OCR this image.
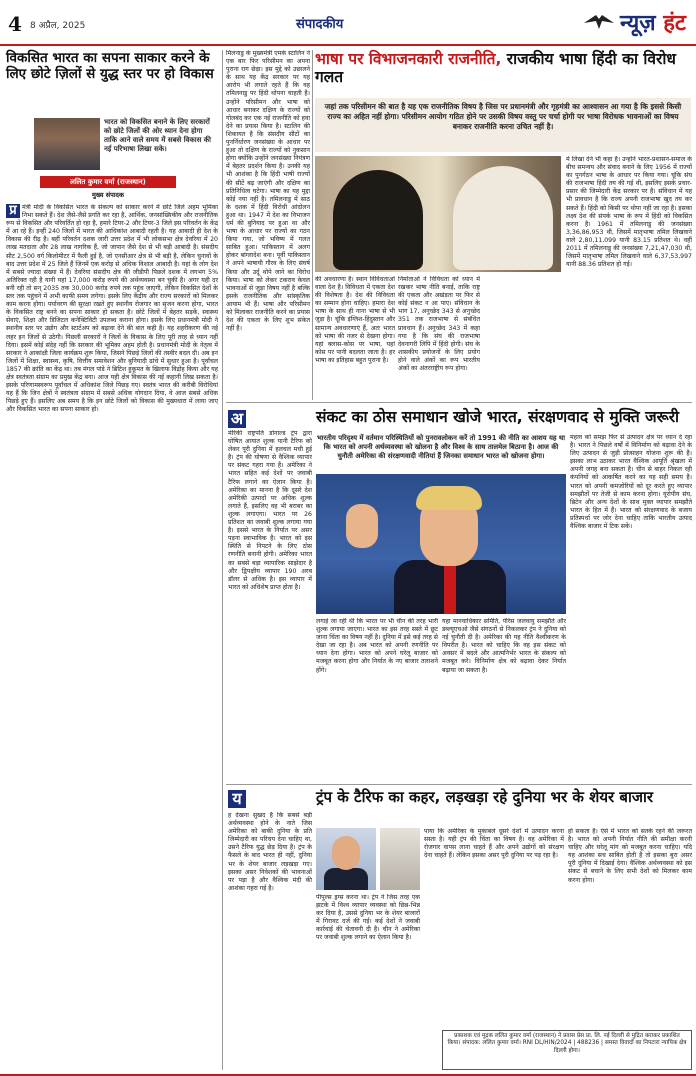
4 8 अप्रैल, 2025	संपादकीय	न्यूज़ हंट
विकसित भारत का सपना साकार करने के लिए छोटे ज़िलों से युद्ध स्तर पर हो विकास
भारत को विकसित बनाने के लिए सरकारों को छोटे जिलों की ओर ध्यान देना होगा ताकि आने वाले समय में सबसे विकास की नई परिभाषा लिखा सके।
ललित कुमार वर्मा (राजस्थान)
मुख्य संपादक
प्र मंत्री मोदी के विकसित भारत के संकल्प को साकार करने में छोटे जिले अहम भूमिका निभा सकते हैं। देश जैसे-जैसे प्रगति कर रहा है, आर्थिक, जनसांख्यिकीय और राजनीतिक रूप से विकसित और परिवर्तित हो रहा है, हमारे टियर-2 और टियर-3 जिले इस परिवर्तन के केंद्र में आ रहे हैं। इन्हीं 240 जिलों में भारत की आधिकांश आबादी रहती है। यह आबादी ही देश के विकास की रीढ़ है। बहीं परिवर्तन दशक जारी उत्तर प्रदेश में भी लोकसभा क्षेत्र देवरिया में 20 लाख मतदाता और 28 लाख नागरिक हैं, जो जापान जैसे देश से भी बड़ी आबादी है। संसदीय सीट 2,500 वर्ग किलोमीटर में फैली हुई है, जो एनसीआर क्षेत्र से भी बड़ी है, लेकिन चुनावों के बाद उत्तर प्रदेश में 25 जिले हैं जिनमें एक करोड़ से अधिक विशाल आबादी है। यहां के लोग देश में सबसे ज्यादा संख्या में हैं। देवरिया संसदीय क्षेत्र की जीडीपी पिछले दशक में लगभग 5% अतिरिक्त रही है यानी यहां 17,000 करोड़ रुपये की अर्थव्यवस्था बन चुकी है। अगर यही दर बनी रही तो सन् 2035 तक 30,000 करोड़ रुपये तक पहुंच जाएगी, लेकिन विकसित देशों के स्तर तक पहुंचने में अभी काफी समय लगेगा। इसके लिए केंद्रीय और राज्य सरकारों को मिलकर काम करना होगा। पर्यावरण की सुरक्षा रखते हुए स्थानीय रोजगार का सृजन करना होगा, भारत के विकसित राष्ट्र बनने का सपना साकार हो सकता है। छोटे जिलों में बेहतर सड़कें, स्वास्थ्य सेवाएं, शिक्षा और डिजिटल कनेक्टिविटी उपलब्ध कराना होगा। इसके लिए प्रधानमंत्री मोदी ने स्थानीय स्तर पर उद्योग और स्टार्टअप को बढ़ावा देने की बात कही है। यह शहरीकरण की नई लहर इन जिलों से उठेगी। पिछली सरकारों ने जिलों के विकास के लिए पूरी तरह से ध्यान नहीं दिया। इसमें कोई संदेह नहीं कि सरकार की भूमिका अहम होती है। प्रधानमंत्री मोदी के नेतृत्व में सरकार ने आकांक्षी जिला कार्यक्रम शुरू किया, जिसने पिछड़े जिलों की तस्वीर बदल दी। अब इन जिलों में शिक्षा, स्वास्थ्य, कृषि, वित्तीय समावेशन और बुनियादी ढांचे में सुधार हुआ है। पूर्वांचल 1857 की क्रांति का केंद्र था। तब मंगल पांडे ने ब्रिटिश हुकूमत के खिलाफ विद्रोह किया और यह क्षेत्र स्वतंत्रता संग्राम का प्रमुख केंद्र बना। आज यही क्षेत्र विकास की नई कहानी लिख सकता है। इसके परिणामस्वरूप पूर्वांचल में अधिकांश जिले पिछड़ गए। स्वतंत्र भारत की करीबी विरोधियां यह हैं कि जिन क्षेत्रों ने स्वतंत्रता संग्राम में सबसे अधिक योगदान दिया, वे आज सबसे अधिक पिछड़े हुए हैं। इसलिए अब समय है कि इन छोटे जिलों को विकास की मुख्यधारा में लाया जाए और विकसित भारत का सपना साकार हो।
मिलनाडु के मुख्यमंत्री एमके स्टालिन ने एक बार फिर परिसीमन का अपना पुराना राग छेड़ा। इस मुद्दे को उछालने के साथ यह केंद्र सरकार पर यह आरोप भी लगाते रहते हैं कि वह तमिलनाडु पर हिंदी थोपना चाहती है। उन्होंने परिसीमन और भाषा को आधार बनाकर दक्षिण के राज्यों को गोलबंद कर एक नई राजनीति को हवा देने का प्रयास किया है। स्टालिन की शिकायत है कि संसदीय सीटों का पुनर्निर्धारण जनसंख्या के आधार पर हुआ तो दक्षिण के राज्यों को नुकसान होगा क्योंकि उन्होंने जनसंख्या नियंत्रण में बेहतर प्रदर्शन किया है। उनकी यह भी आशंका है कि हिंदी भाषी राज्यों की सीटें बढ़ जाएंगी और दक्षिण का प्रतिनिधित्व घटेगा। भाषा का यह मुद्दा कोई नया नहीं है। तमिलनाडु में साठ के दशक में हिंदी विरोधी आंदोलन हुआ था। 1947 में देश का विभाजन धर्म की बुनियाद पर हुआ था और भाषा के आधार पर राज्यों का गठन किया गया, जो भविष्य में गलत साबित हुआ। पाकिस्तान में अलग होकर बांग्लादेश बना। पूर्वी पाकिस्तान ने अपने भाषायी गौरव के लिए संघर्ष किया और उर्दू थोपे जाने का विरोध किया। भाषा को लेकर टकराव केवल भावनाओं से जुड़ा विषय नहीं है बल्कि इसके राजनीतिक और सांस्कृतिक आयाम भी हैं। भाषा और परिसीमन को मिलाकर राजनीति करने का प्रयास देश की एकता के लिए शुभ संकेत नहीं है।
भाषा पर विभाजनकारी राजनीति, राजकीय भाषा हिंदी का विरोध गलत
जहां तक परिसीमन की बात है यह एक राजनीतिक विषय है जिस पर प्रधानमंत्री और गृहमंत्री का आश्वासन आ गया है कि इससे किसी राज्य का अहित नहीं होगा। परिसीमन आयोग गठित होने पर उसकी विषय वस्तु पर चर्चा होगी पर भाषा विरोधक भावनाओं का विषय बनाकर राजनीति करना उचित नहीं है।
की अवधारणा है। स्थान विविधताओं वाला देश है। विविधता में एकता देश की विशेषता है। देश की विविधता का सम्मान होना चाहिए। हमारा देश भाषा के साथ ही नाना भाषा से भी जुड़ा है। चूंकि इंग्लिश-हिंदुस्तान और सामान्य अवधारणाएं हैं, अतः भारत को भाषा की नजर से देखना होगा। यहां क्लास-कोस पर भाषा, यहां कोस पर पानी बदलता जाता है। हर भाषा का इतिहास बहुत पुराना है।
निर्माताओं ने विविधता को ध्यान में रखकर भाषा नीति बनाई, ताकि राष्ट्र की एकता और अखंडता पर फिर से कोई संकट न आ पाए। संविधान के भाग 17, अनुच्छेद 343 से अनुच्छेद 351 तक राजभाषा से संबंधित प्रावधान हैं। अनुच्छेद 343 में कहा गया है कि संघ की राजभाषा देवनागरी लिपि में हिंदी होगी। संघ के शासकीय प्रयोजनों के लिए प्रयोग होने वाले अंकों का रूप भारतीय अंकों का अंतरराष्ट्रीय रूप होगा।
में लिखा देने भी कहा है। उन्होंने भारत-प्रशासन-समाज के बीच समन्वय और संवाद बनाने के लिए 1956 में राज्यों का पुनर्गठन भाषा के आधार पर किया गया। चूंकि संघ की राजभाषा हिंदी तय की गई थी, इसलिए इसके प्रचार-प्रसार की जिम्मेदारी केंद्र सरकार पर है। संविधान में यह भी प्रावधान है कि राज्य अपनी राजभाषा खुद तय कर सकते हैं। हिंदी को किसी पर थोपा नहीं जा रहा है। इसका लक्ष्य देश की संपर्क भाषा के रूप में हिंदी को विकसित करना है। 1961 में तमिलनाडु की जनसंख्या 3,36,86,953 थी, जिसमें मातृभाषा तमिल लिखवाने वाले 2,80,11,099 यानी 83.15 प्रतिशत थे। वहीं 2011 में तमिलनाडु की जनसंख्या 7,21,47,030 थी, जिसमें मातृभाषा तमिल लिखवाने वाले 6,37,53,997 यानी 88.36 प्रतिशत हो गई।
अ
मेरिकी राष्ट्रपति डोनाल्ड ट्रंप द्वारा घोषित आयात शुल्क यानी टैरिफ को लेकर पूरी दुनिया में हलचल मची हुई है। ट्रंप की घोषणा से वैश्विक व्यापार पर संकट गहरा गया है। अमेरिका ने भारत सहित कई देशों पर जवाबी टैरिफ लगाने का ऐलान किया है। अमेरिका का मानना है कि दूसरे देश अमेरिकी उत्पादों पर अधिक शुल्क लगाते हैं, इसलिए वह भी बराबर का शुल्क लगाएगा। भारत पर 26 प्रतिशत का जवाबी शुल्क लगाया गया है। इससे भारत के निर्यात पर असर पड़ना स्वाभाविक है। भारत को इस स्थिति से निपटने के लिए ठोस रणनीति बनानी होगी। अमेरिका भारत का सबसे बड़ा व्यापारिक साझेदार है और द्विपक्षीय व्यापार 190 अरब डॉलर से अधिक है। इस व्यापार में भारत को अधिशेष प्राप्त होता है।
संकट का ठोस समाधान खोजे भारत, संरक्षणवाद से मुक्ति जरूरी
भारतीय परिदृश्य में वर्तमान परिस्थितियों को पुनरावलोकन करें तो 1991 की नीति का आशय यह था कि भारत को अपनी अर्थव्यवस्था को खोलना है और विश्व के साथ तालमेल बिठाना है। आज की चुनौती अमेरिका की संरक्षणवादी नीतियां हैं जिनका समाधान भारत को खोजना होगा।
लगाई जा रही थी कि भारत पर भी चीन की तरह भारी शुल्क लगाया जाएगा। भारत का इस तरह सस्ते में छूट जाना चिंता का विषय नहीं है। दुनिया में इसे कई तरह से देखा जा रहा है। अब भारत को अपनी रणनीति पर ध्यान देना होगा। भारत को अपने घरेलू बाजार को मजबूत करना होगा और निर्यात के नए बाजार तलाशने होंगे।
यहा मानवाधिकार समिति, पेरिस जलवायु समझौते और डब्ल्यूएचओ जैसे संगठनों से निकलकर ट्रंप ने दुनिया को नई चुनौती दी है। अमेरिका की यह नीति वैश्वीकरण के विपरीत है। भारत को चाहिए कि वह इस संकट को अवसर में बदले और आत्मनिर्भर भारत के संकल्प को मजबूत करे। विनिर्माण क्षेत्र को बढ़ावा देकर निर्यात बढ़ाया जा सकता है।
महत्व को समझ फिर से उत्पादन क्षेत्र पर ध्यान दे रहा है। भारत ने पिछले वर्षों में विनिर्माण को बढ़ावा देने के लिए उत्पादन से जुड़ी प्रोत्साहन योजना शुरू की है। इसका लाभ उठाकर भारत वैश्विक आपूर्ति श्रृंखला में अपनी जगह बना सकता है। चीन से बाहर निकल रही कंपनियों को आकर्षित करने का यह सही समय है। भारत को अपनी कमजोरियों को दूर करते हुए व्यापार समझौतों पर तेजी से काम करना होगा। यूरोपीय संघ, ब्रिटेन और अन्य देशों के साथ मुक्त व्यापार समझौते भारत के हित में हैं। भारत को संरक्षणवाद के बजाय प्रतिस्पर्धा पर जोर देना चाहिए ताकि भारतीय उत्पाद वैश्विक बाजार में टिक सकें।
य
ह देखना सुखद है कि सबसे बड़ी अर्थव्यवस्था होने के नाते जिस अमेरिका को बाकी दुनिया के प्रति जिम्मेदारी का परिचय देना चाहिए था, उसने टैरिफ युद्ध छेड़ दिया है। ट्रंप के फैसले के बाद भारत ही नहीं, दुनिया भर के शेयर बाजार लड़खड़ा गए। इसका असर निवेशकों की भावनाओं पर पड़ा है और वैश्विक मंदी की आशंका गहरा गई है।
ट्रंप के टैरिफ का कहर, लड़खड़ा रहे दुनिया भर के शेयर बाजार
पीपुल्स ड्रग्स करना था। ट्रंप ने जिस तरह एक झटके में विश्व व्यापार व्यवस्था को छिन्न-भिन्न कर दिया है, उससे दुनिया भर के शेयर बाजारों में गिरावट दर्ज की गई। कई देशों ने जवाबी कार्रवाई की चेतावनी दी है। चीन ने अमेरिका पर जवाबी शुल्क लगाने का ऐलान किया है।
पाया कि अमेरिका के मुकाबले दूसरे देशों में उत्पादन करना सस्ता है। यही ट्रंप की चिंता का विषय है। वह अमेरिका में रोजगार वापस लाना चाहते हैं और अपने उद्योगों को संरक्षण देना चाहते हैं। लेकिन इसका असर पूरी दुनिया पर पड़ रहा है।
हो सकता है। ऐसे में भारत को सतर्क रहने की जरूरत है। भारत को अपनी निर्यात नीति की समीक्षा करनी चाहिए और घरेलू मांग को मजबूत करना चाहिए। यदि यह आशंका सच साबित होती है तो इसका बुरा असर पूरी दुनिया में दिखाई देगा। वैश्विक अर्थव्यवस्था को इस संकट से बचाने के लिए सभी देशों को मिलकर काम करना होगा।
प्रकाशक एवं मुद्रक ललित कुमार वर्मा (राजस्थान) ने प्रवास प्रेस प्रा. लि. नई दिल्ली से मुद्रित कराकर प्रकाशित किया। संपादक: ललित कुमार वर्मा। RNI DL/HIN/2024 | 488236 | समस्त विवादों का निपटारा न्यायिक क्षेत्र दिल्ली होगा।
